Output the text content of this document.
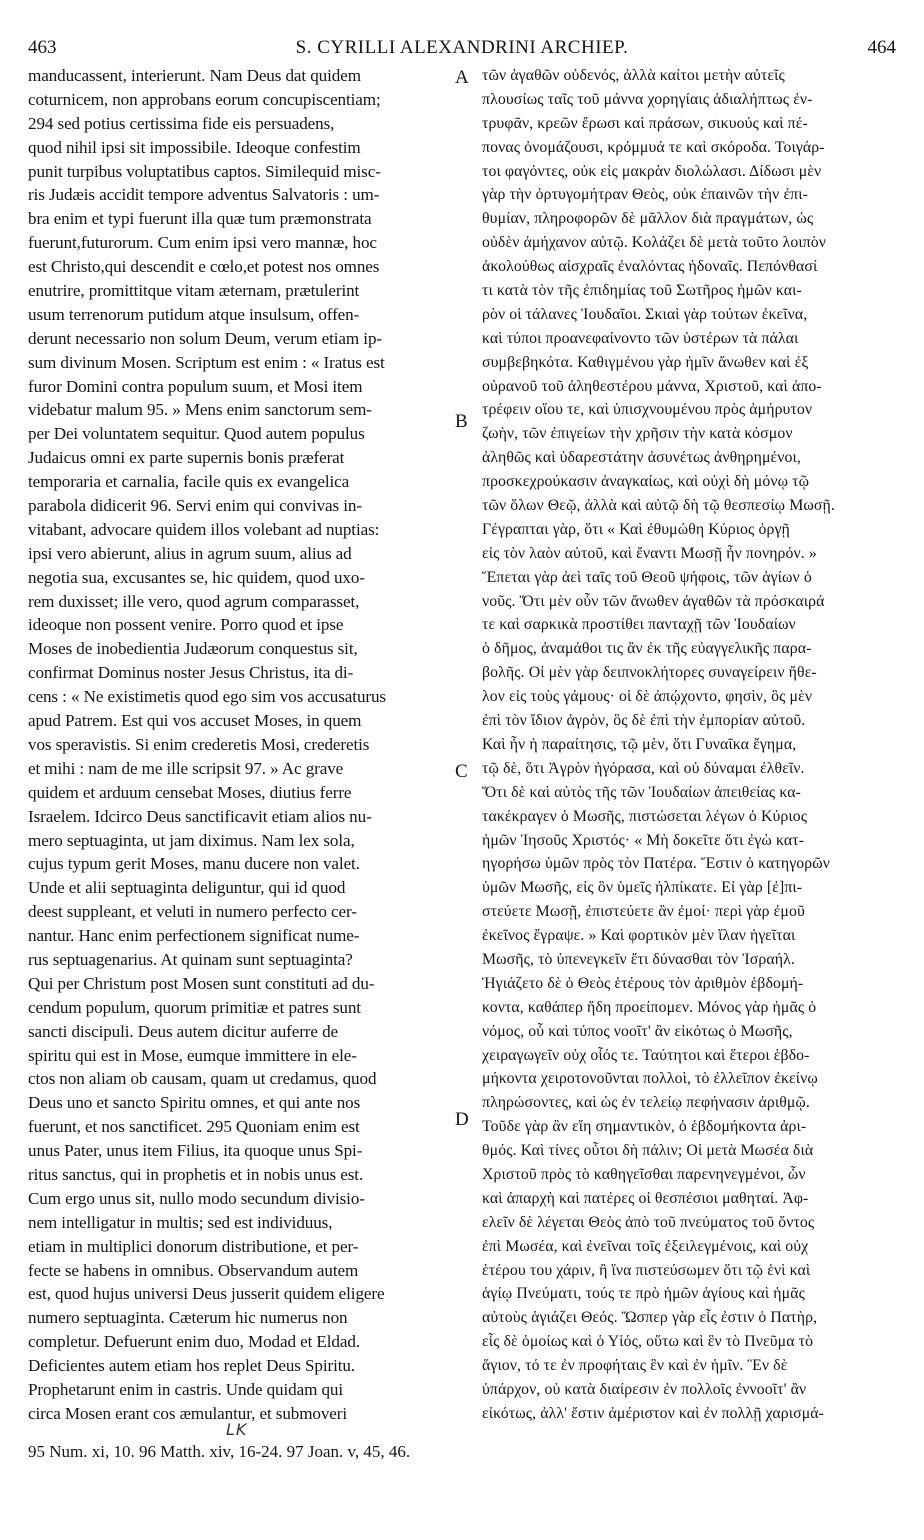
463	S. CYRILLI ALEXANDRINI ARCHIEP.	464
manducassent, interierunt. Nam Deus dat quidem
coturnicem, non approbans eorum concupiscentiam;
294 sed potius certissima fide eis persuadens,
quod nihil ipsi sit impossibile. Ideoque confestim
punit turpibus voluptatibus captos. Similequid misc-
ris Judæis accidit tempore adventus Salvatoris : um-
bra enim et typi fuerunt illa quæ tum præmonstrata
fuerunt,futurorum. Cum enim ipsi vero mannæ, hoc
est Christo,qui descendit e cœlo,et potest nos omnes
enutrire, promittitque vitam æternam, prætulerint
usum terrenorum putidum atque insulsum, offen-
derunt necessario non solum Deum, verum etiam ip-
sum divinum Mosen. Scriptum est enim : « Iratus est
furor Domini contra populum suum, et Mosi item
videbatur malum 95. » Mens enim sanctorum sem-
per Dei voluntatem sequitur. Quod autem populus
Judaicus omni ex parte supernis bonis præferat
temporaria et carnalia, facile quis ex evangelica
parabola didicerit 96. Servi enim qui convivas in-
vitabant, advocare quidem illos volebant ad nuptias:
ipsi vero abierunt, alius in agrum suum, alius ad
negotia sua, excusantes se, hic quidem, quod uxo-
rem duxisset; ille vero, quod agrum comparasset,
ideoque non possent venire. Porro quod et ipse
Moses de inobedientia Judæorum conquestus sit,
confirmat Dominus noster Jesus Christus, ita di-
cens : « Ne existimetis quod ego sim vos accusaturus
apud Patrem. Est qui vos accuset Moses, in quem
vos speravistis. Si enim crederetis Mosi, crederetis
et mihi : nam de me ille scripsit 97. » Ac grave
quidem et arduum censebat Moses, diutius ferre
Israelem. Idcirco Deus sanctificavit etiam alios nu-
mero septuaginta, ut jam diximus. Nam lex sola,
cujus typum gerit Moses, manu ducere non valet.
Unde et alii septuaginta deliguntur, qui id quod
deest suppleant, et veluti in numero perfecto cer-
nantur. Hanc enim perfectionem significat nume-
rus septuagenarius. At quinam sunt septuaginta?
Qui per Christum post Mosen sunt constituti ad du-
cendum populum, quorum primitiæ et patres sunt
sancti discipuli. Deus autem dicitur auferre de
spiritu qui est in Mose, eumque immittere in ele-
ctos non aliam ob causam, quam ut credamus, quod
Deus uno et sancto Spiritu omnes, et qui ante nos
fuerunt, et nos sanctificet. 295 Quoniam enim est
unus Pater, unus item Filius, ita quoque unus Spi-
ritus sanctus, qui in prophetis et in nobis unus est.
Cum ergo unus sit, nullo modo secundum divisio-
nem intelligatur in multis; sed est individuus,
etiam in multiplici donorum distributione, et per-
fecte se habens in omnibus. Observandum autem
est, quod hujus universi Deus jusserit quidem eligere
numero septuaginta. Cæterum hic numerus non
completur. Defuerunt enim duo, Modad et Eldad.
Deficientes autem etiam hos replet Deus Spiritu.
Prophetarunt enim in castris. Unde quidam qui
circa Mosen erant cos æmulantur, et submoveri
τῶν ἀγαθῶν οὐδενός, ἀλλὰ καίτοι μετὴν αὐτεῖς
πλουσίως ταῖς τοῦ μάννα χορηγίαις ἀδιαλήπτως ἐν-
τρυφᾶν, κρεῶν ἔρωσι καὶ πράσων, σικυούς καὶ πέ-
πονας ὀνομάζουσι, κρόμμυά τε καὶ σκόροδα. Τοιγάρ-
τοι φαγόντες, οὐκ εἰς μακρὰν διολώλασι. Δίδωσι μὲν
γὰρ τὴν ὀρτυγομήτραν Θεὸς, οὐκ ἐπαινῶν τὴν ἐπι-
θυμίαν, πληροφορῶν δὲ μᾶλλον διὰ πραγμάτων, ὡς
οὐδὲν ἀμήχανον αὐτῷ. Κολάζει δὲ μετὰ τοῦτο λοιπὸν
ἀκολούθως αἰσχραῖς ἐναλόντας ἡδοναῖς. Πεπόνθασί
τι κατὰ τὸν τῆς ἐπιδημίας τοῦ Σωτῆρος ἡμῶν και-
ρὸν οἱ τάλανες Ἰουδαῖοι. Σκιαὶ γὰρ τούτων ἐκεῖνα,
καὶ τύποι προανεφαίνοντο τῶν ὑστέρων τὰ πάλαι
συμβεβηκότα. Καθιγμένου γὰρ ἡμῖν ἄνωθεν καὶ ἐξ
οὐρανοῦ τοῦ ἀληθεστέρου μάννα, Χριστοῦ, καὶ ἀπο-
τρέφειν οἵου τε, καὶ ὑπισχνουμένου πρὸς ἀμήρυτον
ζωὴν, τῶν ἐπιγείων τὴν χρῆσιν τὴν κατὰ κόσμον
ἀληθῶς καὶ ὑδαρεστάτην ἀσυνέτως ἀνθηρημένοι,
προσκεχρούκασιν ἀναγκαίως, καὶ οὐχὶ δὴ μόνῳ τῷ
τῶν ὅλων Θεῷ, ἀλλὰ καὶ αὐτῷ δὴ τῷ θεσπεσίῳ Μωσῇ.
Γέγραπται γὰρ, ὅτι « Καὶ ἐθυμώθη Κύριος ὀργῇ
εἰς τὸν λαὸν αὐτοῦ, καὶ ἔναντι Μωσῇ ἦν πονηρόν. »
Ἕπεται γὰρ ἀεὶ ταῖς τοῦ Θεοῦ ψήφοις, τῶν ἁγίων ὁ
νοῦς. Ὅτι μὲν οὖν τῶν ἄνωθεν ἀγαθῶν τὰ πρόσκαιρά
τε καὶ σαρκικὰ προστίθει πανταχῇ τῶν Ἰουδαίων
ὁ δῆμος, ἀναμάθοι τις ἂν ἐκ τῆς εὐαγγελικῆς παρα-
βολῆς. Οἱ μὲν γὰρ δειπνοκλήτορες συναγείρειν ἤθε-
λον εἰς τοὺς γάμους· οἱ δὲ ἀπῴχοντο, φησὶν, ὃς μὲν
ἐπὶ τὸν ἴδιον ἀγρὸν, ὃς δὲ ἐπὶ τὴν ἐμπορίαν αὐτοῦ.
Καὶ ἦν ἡ παραίτησις, τῷ μὲν, ὅτι Γυναῖκα ἔγημα,
τῷ δὲ, ὅτι Ἀγρὸν ἠγόρασα, καὶ οὐ δύναμαι ἐλθεῖν.
Ὅτι δὲ καὶ αὐτὸς τῆς τῶν Ἰουδαίων ἀπειθείας κα-
τακέκραγεν ὁ Μωσῆς, πιστώσεται λέγων ὁ Κύριος
ἡμῶν Ἰησοῦς Χριστός· « Μὴ δοκεῖτε ὅτι ἐγὼ κατ-
ηγορήσω ὑμῶν πρὸς τὸν Πατέρα. Ἔστιν ὁ κατηγορῶν
ὑμῶν Μωσῆς, εἰς ὃν ὑμεῖς ἠλπίκατε. Εἰ γὰρ [ἐ]πι-
στεύετε Μωσῇ, ἐπιστεύετε ἂν ἐμοί· περὶ γὰρ ἐμοῦ
ἐκεῖνος ἔγραψε. » Καὶ φορτικὸν μὲν ἴλαν ἡγεῖται
Μωσῆς, τὸ ὑπενεγκεῖν ἔτι δύνασθαι τὸν Ἰσραήλ.
Ἡγιάζετο δὲ ὁ Θεὸς ἑτέρους τὸν ἀριθμὸν ἑβδομή-
κοντα, καθάπερ ἤδη προείπομεν. Μόνος γὰρ ἡμᾶς ὁ
νόμος, οὗ καὶ τύπος νοοῖτ' ἂν εἰκότως ὁ Μωσῆς,
χειραγωγεῖν οὐχ οἷός τε. Ταύτητοι καὶ ἕτεροι ἑβδο-
μήκοντα χειροτονοῦνται πολλοὶ, τὸ ἐλλεῖπον ἐκείνῳ
πληρώσοντες, καὶ ὡς ἐν τελείῳ πεφήνασιν ἀριθμῷ.
Τοῦδε γὰρ ἂν εἴη σημαντικὸν, ὁ ἑβδομήκοντα ἀρι-
θμός. Καὶ τίνες οὗτοι δὴ πάλιν; Οἱ μετὰ Μωσέα διὰ
Χριστοῦ πρὸς τὸ καθηγεῖσθαι παρενηνεγμένοι, ὧν
καὶ ἀπαρχὴ καὶ πατέρες οἱ θεσπέσιοι μαθηταί. Ἀφ-
ελεῖν δὲ λέγεται Θεὸς ἀπὸ τοῦ πνεύματος τοῦ ὄντος
ἐπὶ Μωσέα, καὶ ἐνεῖναι τοῖς ἐξειλεγμένοις, καὶ οὐχ
ἑτέρου του χάριν, ἢ ἵνα πιστεύσωμεν ὅτι τῷ ἑνὶ καὶ
ἁγίῳ Πνεύματι, τούς τε πρὸ ἡμῶν ἁγίους καὶ ἡμᾶς
αὐτοὺς ἁγιάζει Θεός. Ὥσπερ γὰρ εἷς ἐστιν ὁ Πατὴρ,
εἷς δὲ ὁμοίως καὶ ὁ Υἱός, οὕτω καὶ ἓν τὸ Πνεῦμα τὸ
ἅγιον, τό τε ἐν προφήταις ἓν καὶ ἐν ἡμῖν. Ἓν δὲ
ὑπάρχον, οὐ κατὰ διαίρεσιν ἐν πολλοῖς ἐννοοῖτ' ἂν
εἰκότως, ἀλλ' ἔστιν ἀμέριστον καὶ ἐν πολλῇ χαρισμά-
A
B
C
D
LK
95 Num. xi, 10. 96 Matth. xiv, 16-24. 97 Joan. v, 45, 46.
